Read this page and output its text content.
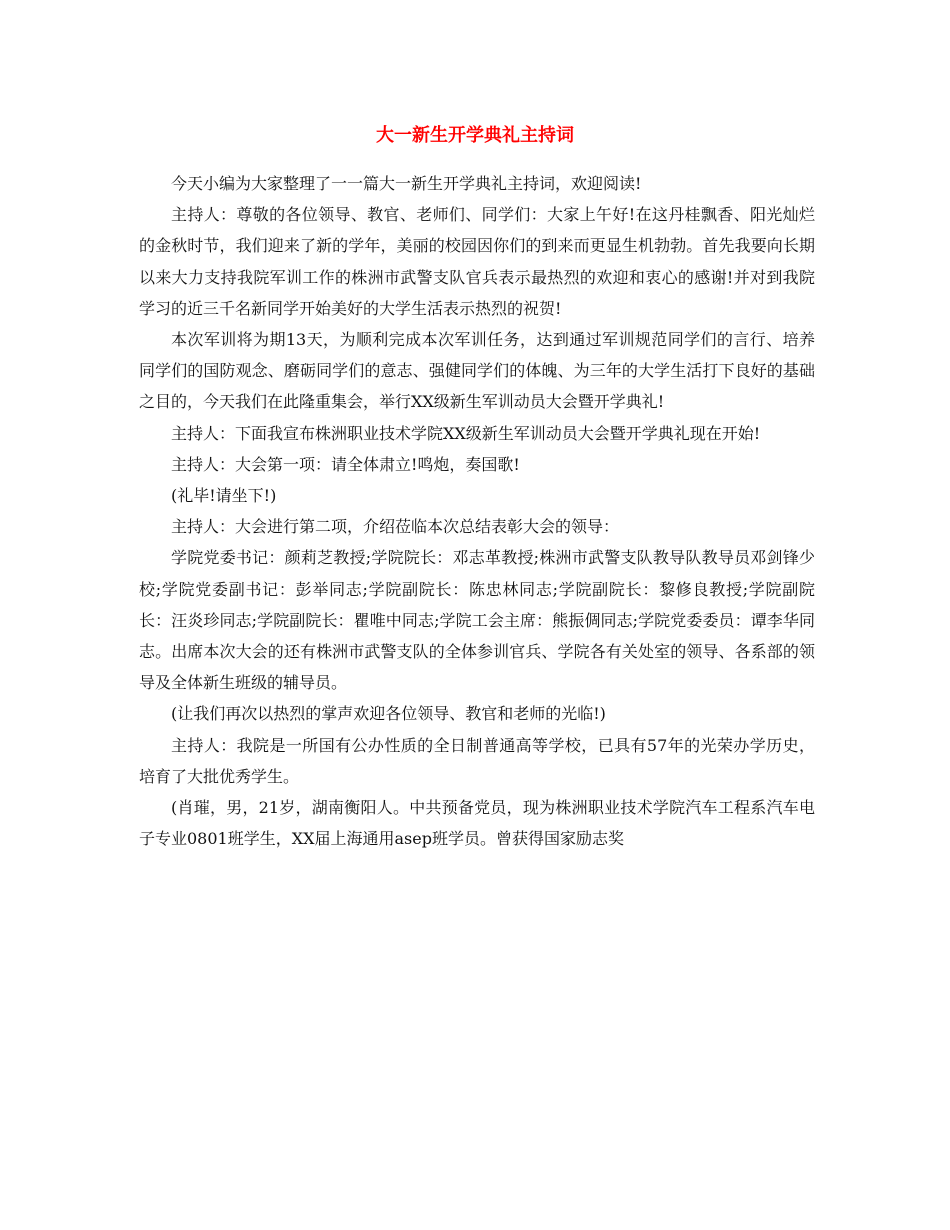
大一新生开学典礼主持词

今天小编为大家整理了一一篇大一新生开学典礼主持词，欢迎阅读!

主持人：尊敬的各位领导、教官、老师们、同学们：大家上午好!在这丹桂飘香、阳光灿烂的金秋时节，我们迎来了新的学年，美丽的校园因你们的到来而更显生机勃勃。首先我要向长期以来大力支持我院军训工作的株洲市武警支队官兵表示最热烈的欢迎和衷心的感谢!并对到我院学习的近三千名新同学开始美好的大学生活表示热烈的祝贺!

本次军训将为期13天，为顺利完成本次军训任务，达到通过军训规范同学们的言行、培养同学们的国防观念、磨砺同学们的意志、强健同学们的体魄、为三年的大学生活打下良好的基础之目的，今天我们在此隆重集会，举行XX级新生军训动员大会暨开学典礼!

主持人：下面我宣布株洲职业技术学院XX级新生军训动员大会暨开学典礼现在开始!

主持人：大会第一项：请全体肃立!鸣炮，奏国歌!

(礼毕!请坐下!)

主持人：大会进行第二项，介绍莅临本次总结表彰大会的领导：

学院党委书记：颜莉芝教授;学院院长：邓志革教授;株洲市武警支队教导队教导员邓剑锋少校;学院党委副书记：彭举同志;学院副院长：陈忠林同志;学院副院长：黎修良教授;学院副院长：汪炎珍同志;学院副院长：瞿唯中同志;学院工会主席：熊振倜同志;学院党委委员：谭李华同志。出席本次大会的还有株洲市武警支队的全体参训官兵、学院各有关处室的领导、各系部的领导及全体新生班级的辅导员。

(让我们再次以热烈的掌声欢迎各位领导、教官和老师的光临!)

主持人：我院是一所国有公办性质的全日制普通高等学校，已具有57年的光荣办学历史，培育了大批优秀学生。

(肖璀，男，21岁，湖南衡阳人。中共预备党员，现为株洲职业技术学院汽车工程系汽车电子专业0801班学生，XX届上海通用asep班学员。曾获得国家励志奖
